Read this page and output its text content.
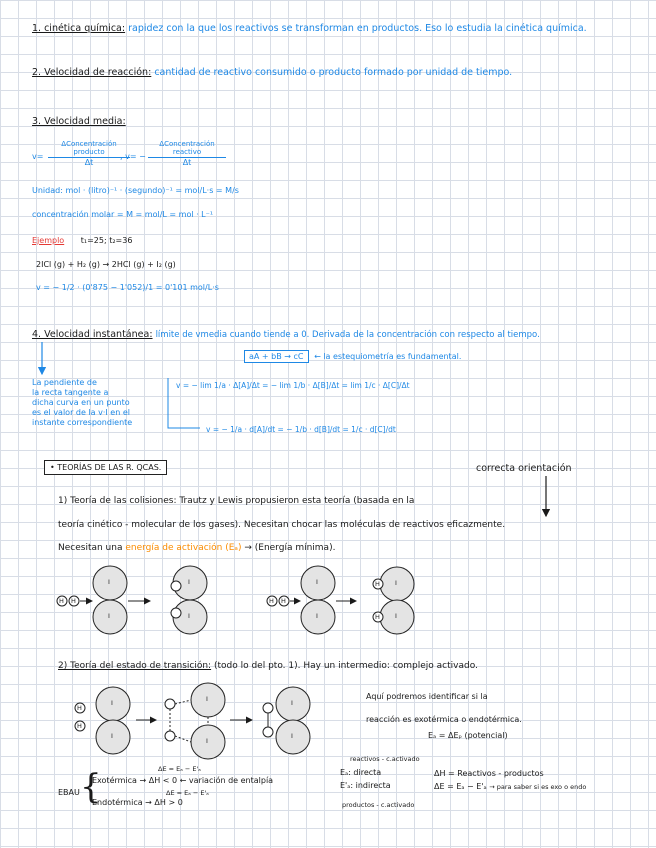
1. cinética química: rapidez con la que los reactivos se transforman en productos. Eso lo estudia la cinética química.
2. Velocidad de reacción: cantidad de reactivo consumido o producto formado por unidad de tiempo.
3. Velocidad media:
v=
ΔConcentración producto
Δt
, v= −
ΔConcentración reactivo
Δt
Unidad: mol · (litro)⁻¹ · (segundo)⁻¹ = mol/L·s = M/s
concentración molar = M = mol/L = mol · L⁻¹
Ejemplo t₁=25; t₂=36
2ICl (g) + H₂ (g) → 2HCl (g) + I₂ (g)
v = − 1/2 · (0'875 − 1'052)/1 = 0'101 mol/L·s
4. Velocidad instantánea: límite de vmedia cuando tiende a 0. Derivada de la concentración con respecto al tiempo.
aA + bB → cC ← la estequiometría es fundamental.
La pendiente de
la recta tangente a
dicha curva en un punto
es el valor de la v·I en el
instante correspondiente
v = − lim 1/a · Δ[A]/Δt = − lim 1/b · Δ[B]/Δt = lim 1/c · Δ[C]/Δt
v = − 1/a · d[A]/dt = − 1/b · d[B]/dt = 1/c · d[C]/dt
• TEORÍAS DE LAS R. QCAS.	correcta orientación
1) Teoría de las colisiones: Trautz y Lewis propusieron esta teoría (basada en la
teoría cinético - molecular de los gases). Necesitan chocar las moléculas de reactivos eficazmente.
Necesitan una energía de activación (Eₐ) → (Energía mínima).
2) Teoría del estado de transición: (todo lo del pto. 1). Hay un intermedio: complejo activado.
Aquí podremos identificar si la
reacción es exotérmica o endotérmica.
Eₐ = ΔEₚ (potencial)
reactivos - c.activado
Eₐ: directa
E'ₐ: indirecta
productos - c.activado
ΔH = Reactivos - productos
ΔE = Eₐ − E'ₐ → para saber si es exo o endo
ΔE = Eₐ − E'ₐ
EBAU {
Exotérmica → ΔH < 0 ← variación de entalpía
ΔE = Eₐ − E'ₐ
Endotérmica → ΔH > 0
H H
I
I
I
I
H H
I
I
I
I
H
H
H
H
I
I
I
I
I
I
